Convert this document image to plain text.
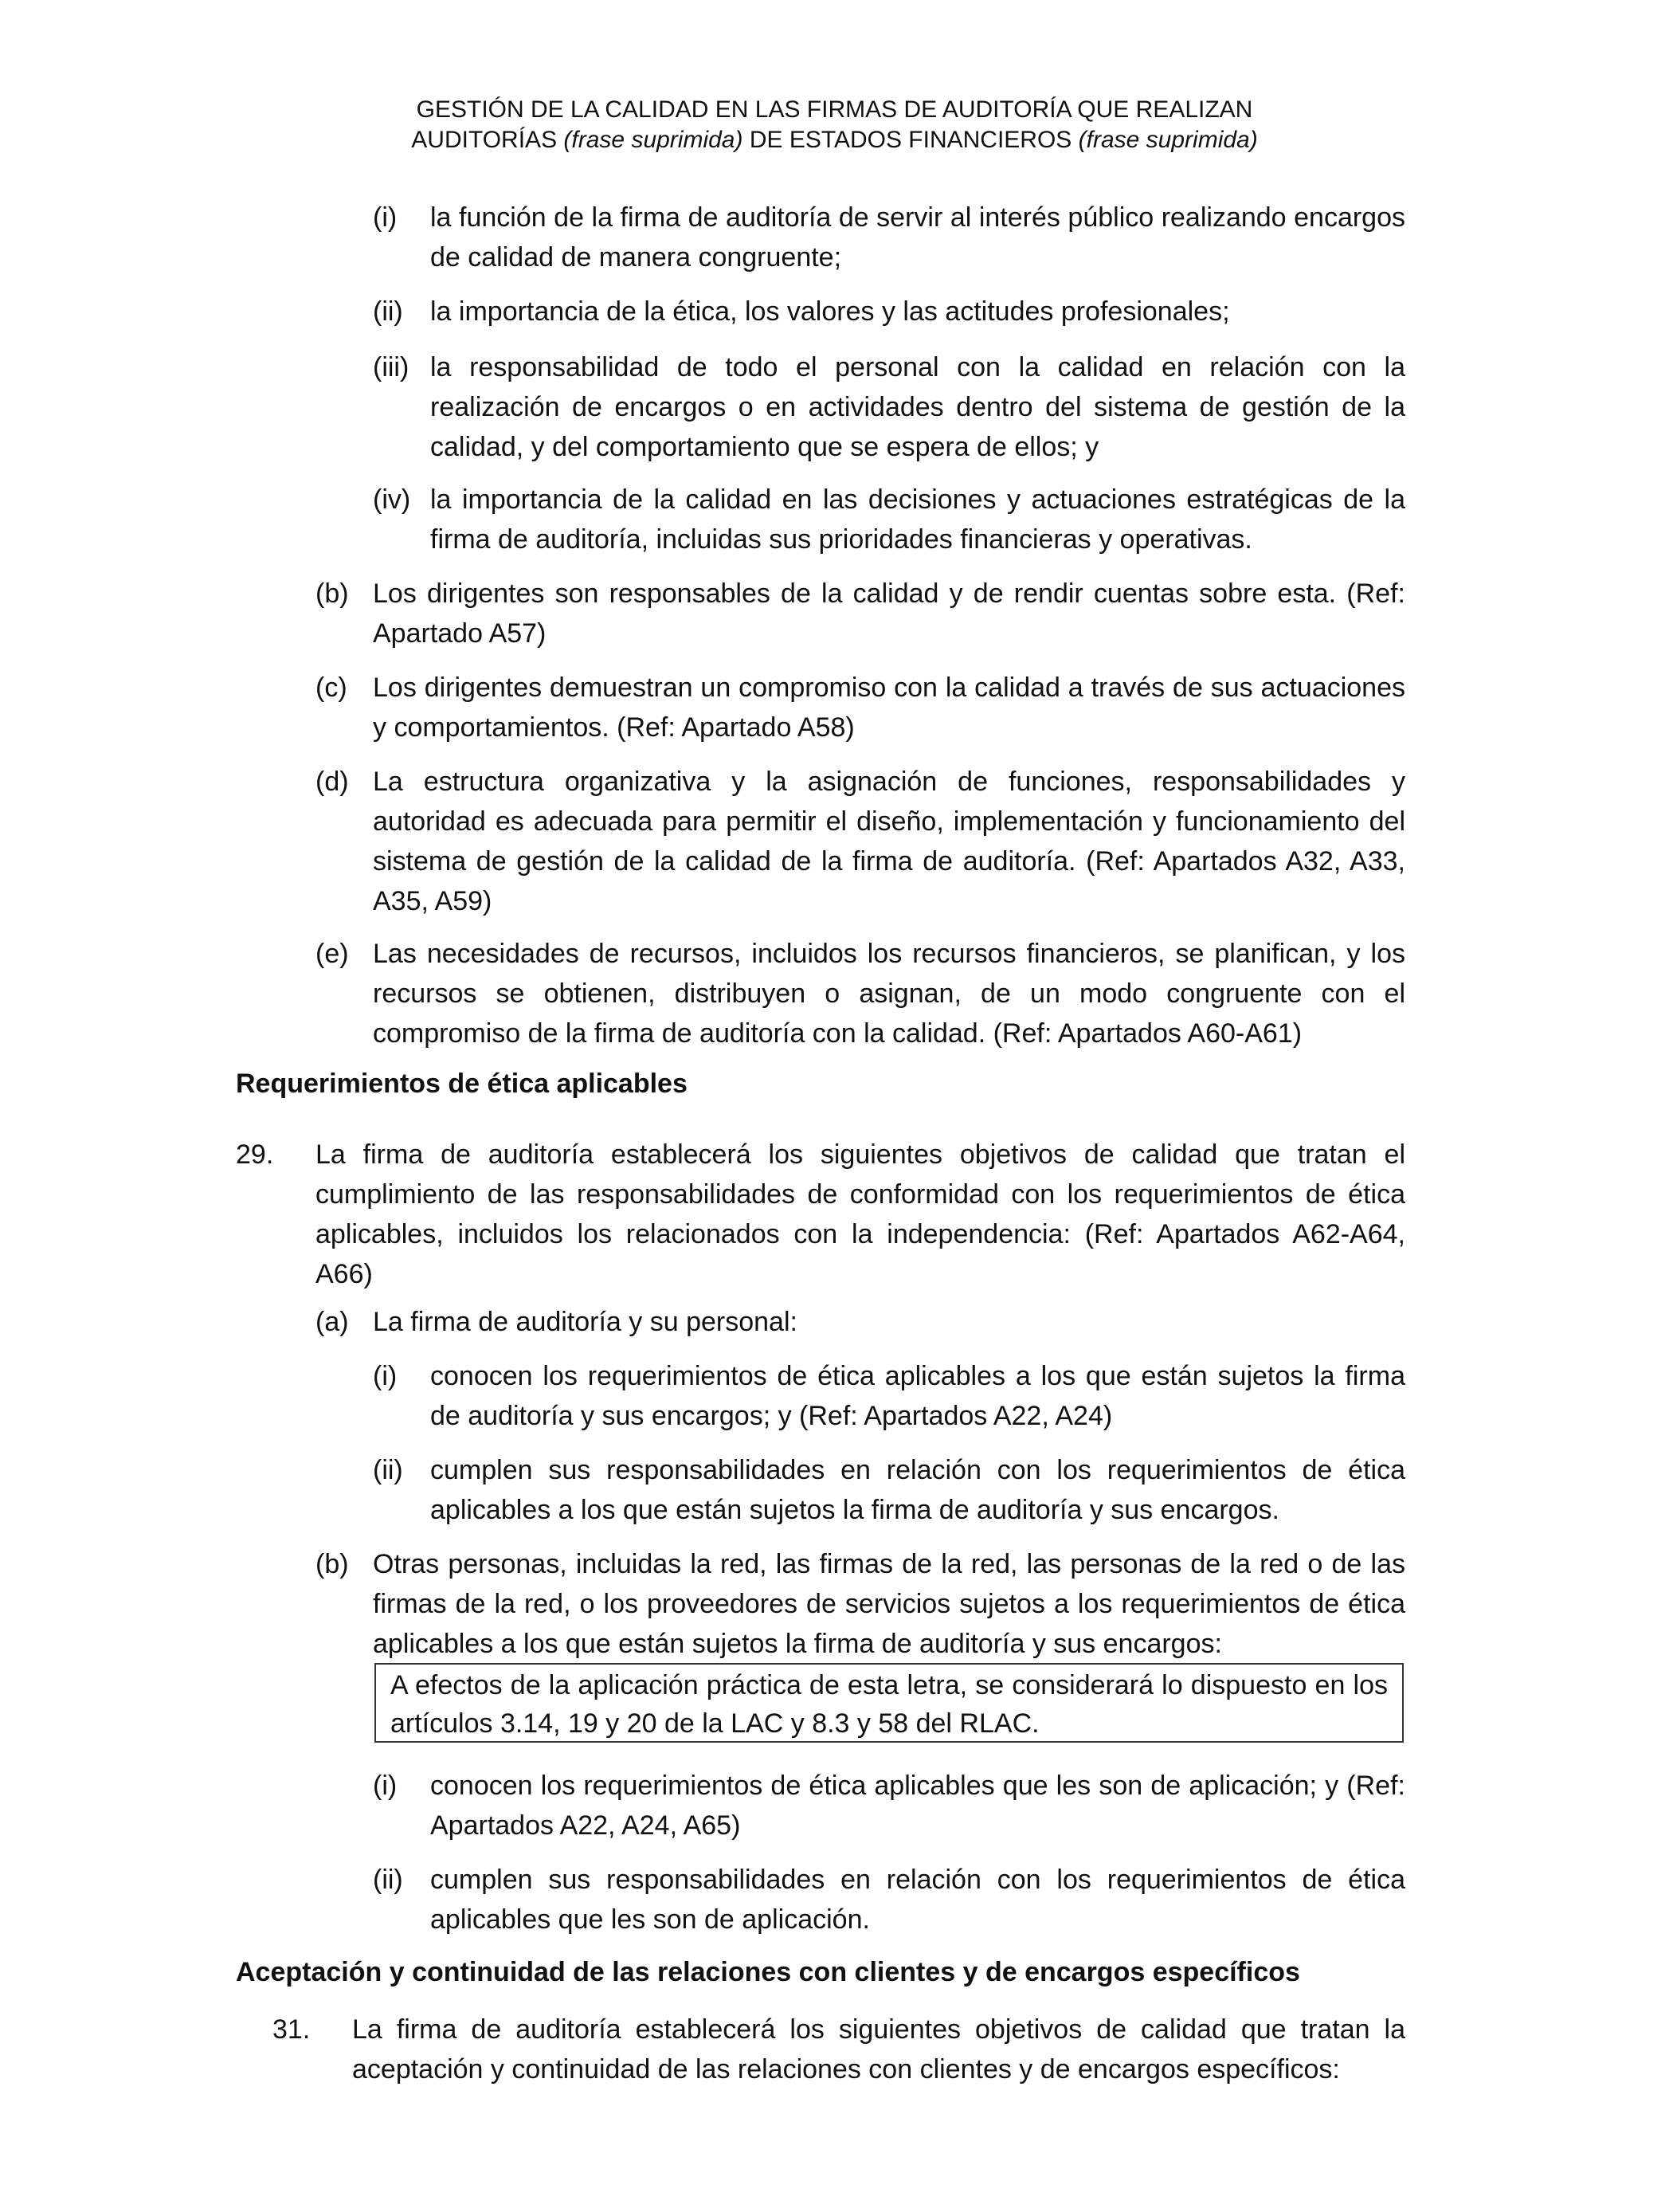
GESTIÓN DE LA CALIDAD EN LAS FIRMAS DE AUDITORÍA QUE REALIZAN
AUDITORÍAS (frase suprimida) DE ESTADOS FINANCIEROS (frase suprimida)
(i) la función de la firma de auditoría de servir al interés público realizando encargos de calidad de manera congruente;
(ii) la importancia de la ética, los valores y las actitudes profesionales;
(iii) la responsabilidad de todo el personal con la calidad en relación con la realización de encargos o en actividades dentro del sistema de gestión de la calidad, y del comportamiento que se espera de ellos; y
(iv) la importancia de la calidad en las decisiones y actuaciones estratégicas de la firma de auditoría, incluidas sus prioridades financieras y operativas.
(b) Los dirigentes son responsables de la calidad y de rendir cuentas sobre esta. (Ref: Apartado A57)
(c) Los dirigentes demuestran un compromiso con la calidad a través de sus actuaciones y comportamientos. (Ref: Apartado A58)
(d) La estructura organizativa y la asignación de funciones, responsabilidades y autoridad es adecuada para permitir el diseño, implementación y funcionamiento del sistema de gestión de la calidad de la firma de auditoría. (Ref: Apartados A32, A33, A35, A59)
(e) Las necesidades de recursos, incluidos los recursos financieros, se planifican, y los recursos se obtienen, distribuyen o asignan, de un modo congruente con el compromiso de la firma de auditoría con la calidad. (Ref: Apartados A60-A61)
Requerimientos de ética aplicables
29. La firma de auditoría establecerá los siguientes objetivos de calidad que tratan el cumplimiento de las responsabilidades de conformidad con los requerimientos de ética aplicables, incluidos los relacionados con la independencia: (Ref: Apartados A62-A64, A66)
(a) La firma de auditoría y su personal:
(i) conocen los requerimientos de ética aplicables a los que están sujetos la firma de auditoría y sus encargos; y (Ref: Apartados A22, A24)
(ii) cumplen sus responsabilidades en relación con los requerimientos de ética aplicables a los que están sujetos la firma de auditoría y sus encargos.
(b) Otras personas, incluidas la red, las firmas de la red, las personas de la red o de las firmas de la red, o los proveedores de servicios sujetos a los requerimientos de ética aplicables a los que están sujetos la firma de auditoría y sus encargos:
A efectos de la aplicación práctica de esta letra, se considerará lo dispuesto en los artículos 3.14, 19 y 20 de la LAC y 8.3 y 58 del RLAC.
(i) conocen los requerimientos de ética aplicables que les son de aplicación; y (Ref: Apartados A22, A24, A65)
(ii) cumplen sus responsabilidades en relación con los requerimientos de ética aplicables que les son de aplicación.
Aceptación y continuidad de las relaciones con clientes y de encargos específicos
31. La firma de auditoría establecerá los siguientes objetivos de calidad que tratan la aceptación y continuidad de las relaciones con clientes y de encargos específicos:
